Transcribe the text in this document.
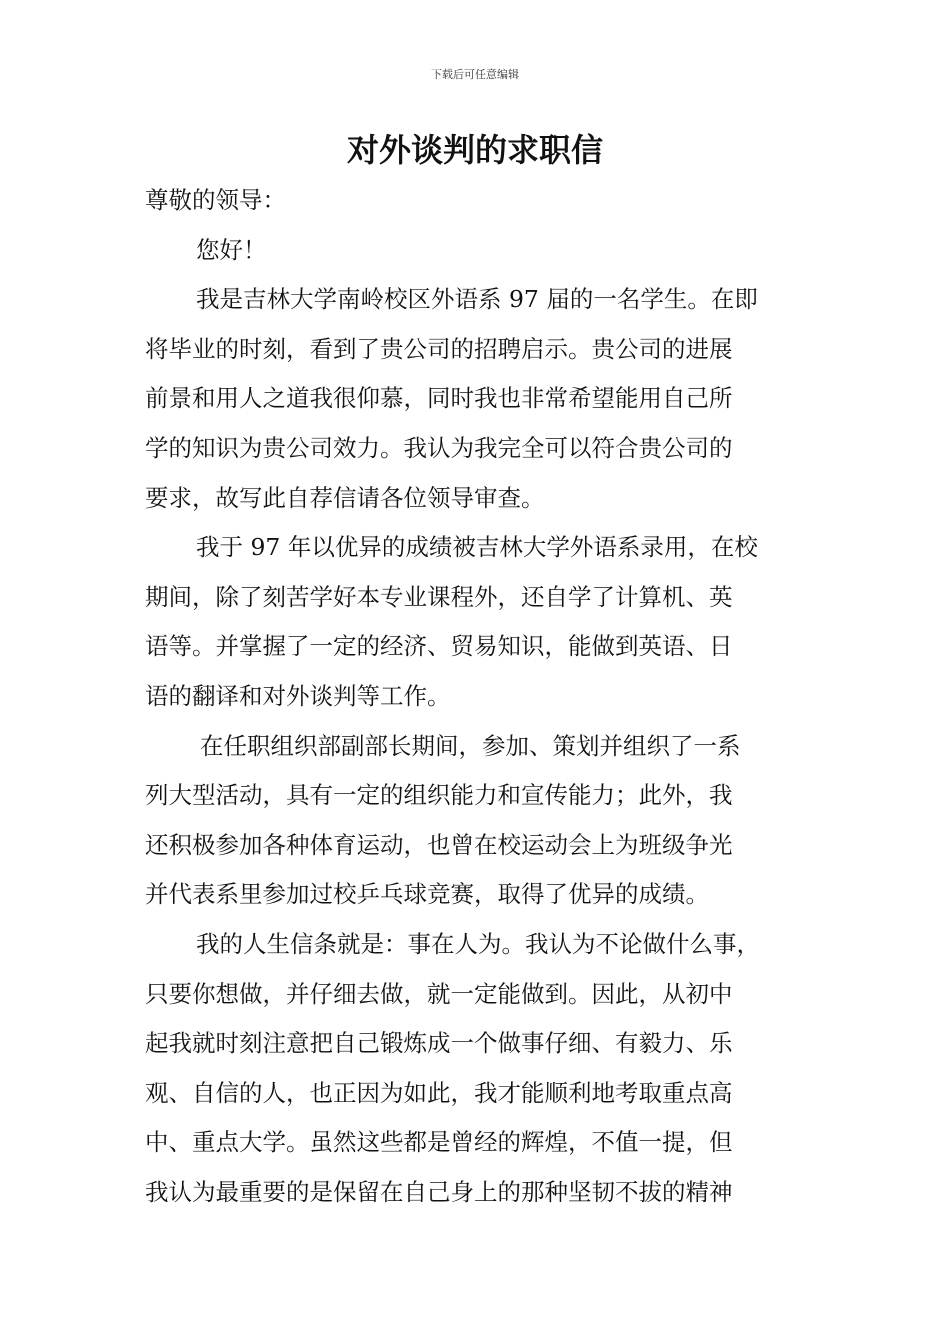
下载后可任意编辑
对外谈判的求职信
尊敬的领导：
您好！
我是吉林大学南岭校区外语系 97 届的一名学生。在即
将毕业的时刻，看到了贵公司的招聘启示。贵公司的进展
前景和用人之道我很仰慕，同时我也非常希望能用自己所
学的知识为贵公司效力。我认为我完全可以符合贵公司的
要求，故写此自荐信请各位领导审查。
我于 97 年以优异的成绩被吉林大学外语系录用，在校
期间，除了刻苦学好本专业课程外，还自学了计算机、英
语等。并掌握了一定的经济、贸易知识，能做到英语、日
语的翻译和对外谈判等工作。
在任职组织部副部长期间，参加、策划并组织了一系
列大型活动，具有一定的组织能力和宣传能力；此外，我
还积极参加各种体育运动，也曾在校运动会上为班级争光
并代表系里参加过校乒乓球竞赛，取得了优异的成绩。
我的人生信条就是：事在人为。我认为不论做什么事，
只要你想做，并仔细去做，就一定能做到。因此，从初中
起我就时刻注意把自己锻炼成一个做事仔细、有毅力、乐
观、自信的人，也正因为如此，我才能顺利地考取重点高
中、重点大学。虽然这些都是曾经的辉煌，不值一提，但
我认为最重要的是保留在自己身上的那种坚韧不拔的精神
